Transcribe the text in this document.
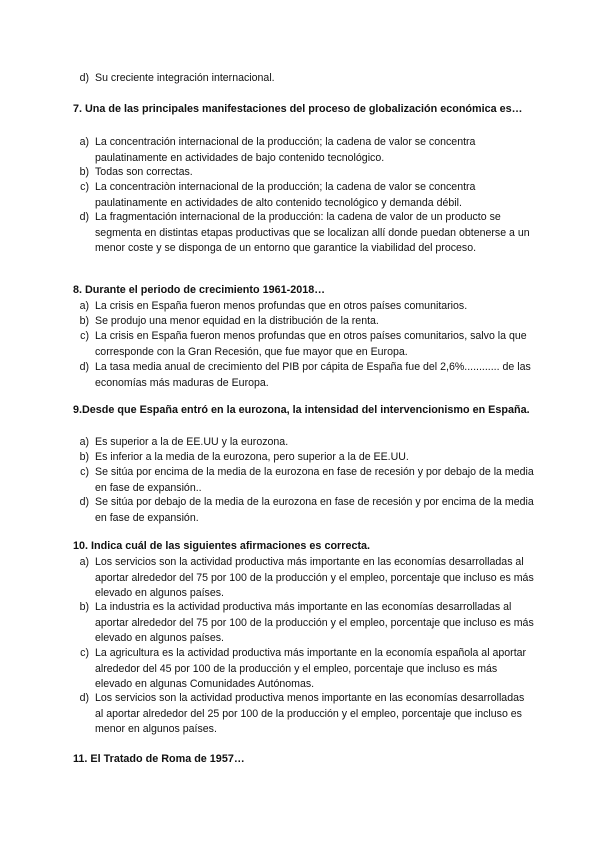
d) Su creciente integración internacional.
7. Una de las principales manifestaciones del proceso de globalización económica es…
a) La concentración internacional de la producción; la cadena de valor se concentra paulatinamente en actividades de bajo contenido tecnológico.
b) Todas son correctas.
c) La concentraciòn internacional de la producción; la cadena de valor se concentra paulatinamente en actividades de alto contenido tecnológico y demanda débil.
d) La fragmentación internacional de la producción: la cadena de valor de un producto se segmenta en distintas etapas productivas que se localizan allí donde puedan obtenerse a un menor coste y se disponga de un entorno que garantice la viabilidad del proceso.
8. Durante el periodo de crecimiento 1961-2018…
a) La crisis en España fueron menos profundas que en otros países comunitarios.
b) Se produjo una menor equidad en la distribución de la renta.
c) La crisis en España fueron menos profundas que en otros países comunitarios, salvo la que corresponde con la Gran Recesión, que fue mayor que en Europa.
d) La tasa media anual de crecimiento del PIB por cápita de España fue del 2,6%............ de las economías más maduras de Europa.
9.Desde que España entró en la eurozona, la intensidad del intervencionismo en España.
a) Es superior a la de EE.UU y la eurozona.
b) Es inferior a la media de la eurozona, pero superior a la de EE.UU.
c) Se sitúa por encima de la media de la eurozona en fase de recesión y por debajo de la media en fase de expansión..
d) Se sitúa por debajo de la media de la eurozona en fase de recesión y por encima de la media en fase de expansión.
10. Indica cuál de las siguientes afirmaciones es correcta.
a) Los servicios son la actividad productiva más importante en las economías desarrolladas al aportar alrededor del 75 por 100 de la producción y el empleo, porcentaje que incluso es más elevado en algunos países.
b) La industria es la actividad productiva más importante en las economías desarrolladas al aportar alrededor del 75 por 100 de la producción y el empleo, porcentaje que incluso es más elevado en algunos países.
c) La agricultura es la actividad productiva más importante en la economía española al aportar alrededor del 45 por 100 de la producción y el empleo, porcentaje que incluso es más elevado en algunas Comunidades Autónomas.
d) Los servicios son la actividad productiva menos importante en las economías desarrolladas al aportar alrededor del 25 por 100 de la producción y el empleo, porcentaje que incluso es menor en algunos países.
11. El Tratado de Roma de 1957…
